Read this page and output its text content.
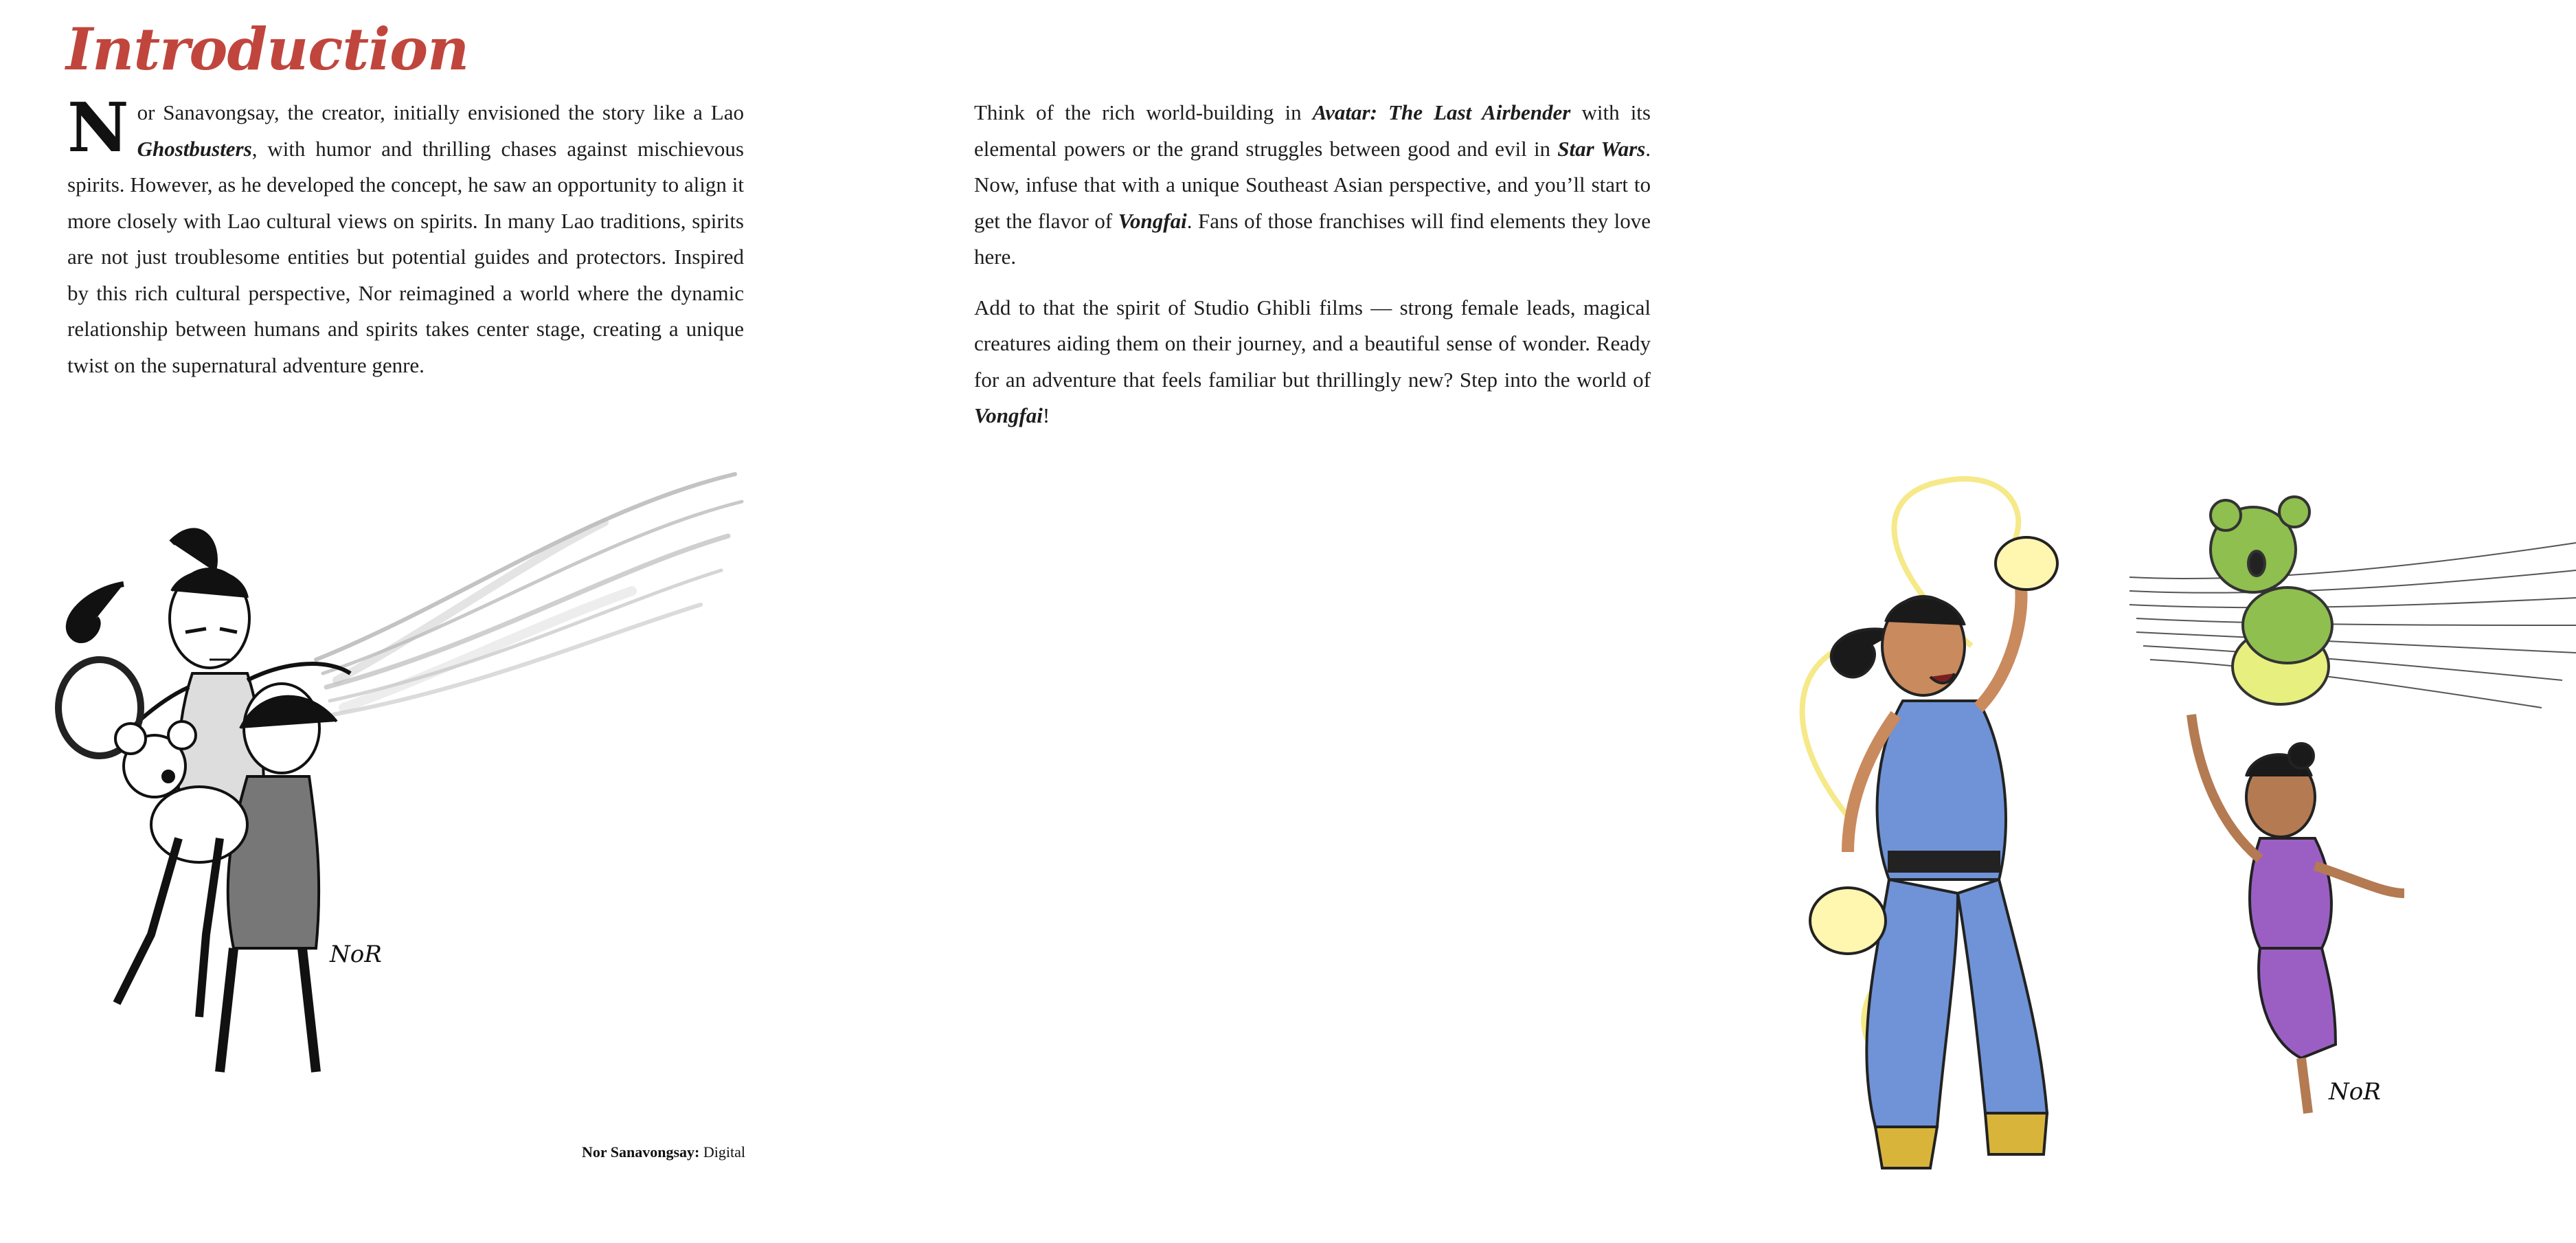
Introduction

Nor Sanavongsay, the creator, initially envisioned the story like a Lao Ghostbusters, with humor and thrilling chases against mischievous spirits. However, as he developed the concept, he saw an opportunity to align it more closely with Lao cultural views on spirits. In many Lao traditions, spirits are not just troublesome entities but potential guides and protectors. Inspired by this rich cultural perspective, Nor reimagined a world where the dynamic relationship between humans and spirits takes center stage, creating a unique twist on the supernatural adventure genre.

NoR
Nor Sanavongsay: Digital

Think of the rich world-building in Avatar: The Last Airbender with its elemental powers or the grand struggles between good and evil in Star Wars. Now, infuse that with a unique Southeast Asian perspective, and you’ll start to get the flavor of Vongfai. Fans of those franchises will find elements they love here.

Add to that the spirit of Studio Ghibli films — strong female leads, magical creatures aiding them on their journey, and a beautiful sense of wonder. Ready for an adventure that feels familiar but thrillingly new? Step into the world of Vongfai!

NoR
